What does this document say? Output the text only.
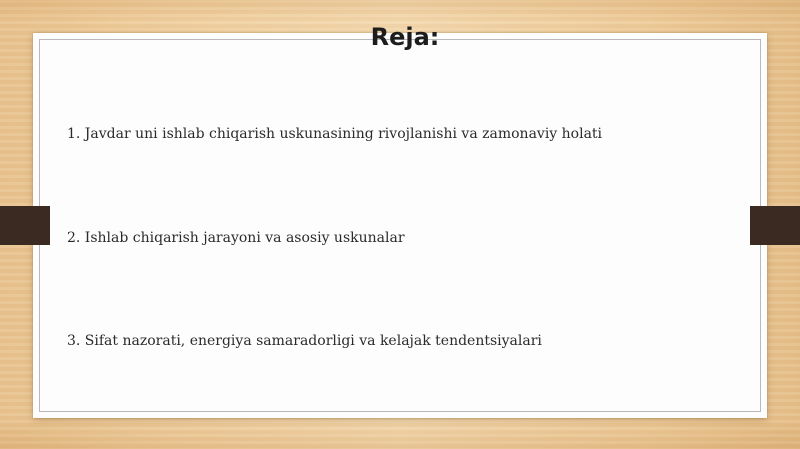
Reja:
1. Javdar uni ishlab chiqarish uskunasining rivojlanishi va zamonaviy holati
2. Ishlab chiqarish jarayoni va asosiy uskunalar
3. Sifat nazorati, energiya samaradorligi va kelajak tendentsiyalari
